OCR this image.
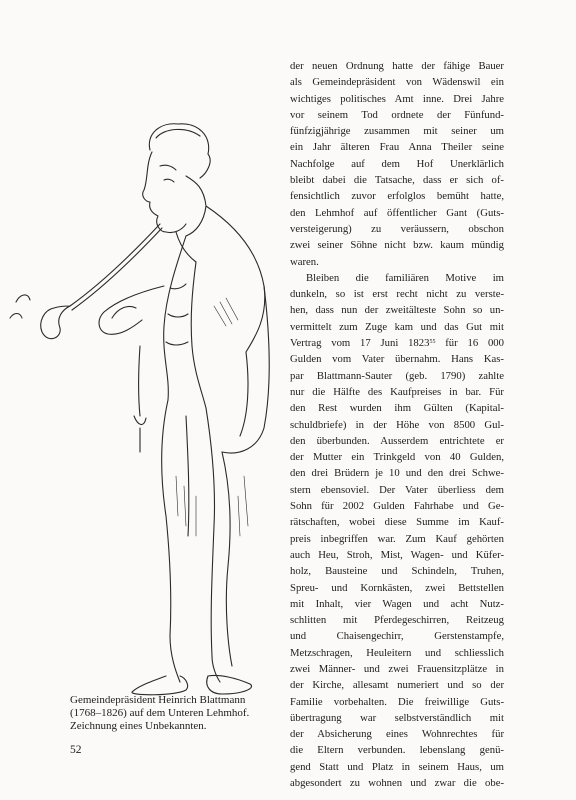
Gemeindepräsident Heinrich Blattmann
(1768–1826) auf dem Unteren Lehmhof.
Zeichnung eines Unbekannten.
52
der neuen Ordnung hatte der fähige Bauer
als Gemeindepräsident von Wädenswil ein
wichtiges politisches Amt inne. Drei Jahre
vor seinem Tod ordnete der Fünfund-
fünfzigjährige zusammen mit seiner um
ein Jahr älteren Frau Anna Theiler seine
Nachfolge auf dem Hof Unerklärlich
bleibt dabei die Tatsache, dass er sich of-
fensichtlich zuvor erfolglos bemüht hatte,
den Lehmhof auf öffentlicher Gant (Guts-
versteigerung) zu veräussern, obschon
zwei seiner Söhne nicht bzw. kaum mündig
waren.
Bleiben die familiären Motive im
dunkeln, so ist erst recht nicht zu verste-
hen, dass nun der zweitälteste Sohn so un-
vermittelt zum Zuge kam und das Gut mit
Vertrag vom 17 Juni 1823$^{55}$ für 16 000
Gulden vom Vater übernahm. Hans Kas-
par Blattmann-Sauter (geb. 1790) zahlte
nur die Hälfte des Kaufpreises in bar. Für
den Rest wurden ihm Gülten (Kapital-
schuldbriefe) in der Höhe von 8500 Gul-
den überbunden. Ausserdem entrichtete er
der Mutter ein Trinkgeld von 40 Gulden,
den drei Brüdern je 10 und den drei Schwe-
stern ebensoviel. Der Vater überliess dem
Sohn für 2002 Gulden Fahrhabe und Ge-
rätschaften, wobei diese Summe im Kauf-
preis inbegriffen war. Zum Kauf gehörten
auch Heu, Stroh, Mist, Wagen- und Küfer-
holz, Bausteine und Schindeln, Truhen,
Spreu- und Kornkästen, zwei Bettstellen
mit Inhalt, vier Wagen und acht Nutz-
schlitten mit Pferdegeschirren, Reitzeug
und Chaisengechirr, Gerstenstampfe,
Metzschragen, Heuleitern und schliesslich
zwei Männer- und zwei Frauensitzplätze in
der Kirche, allesamt numeriert und so der
Familie vorbehalten. Die freiwillige Guts-
übertragung war selbstverständlich mit
der Absicherung eines Wohnrechtes für
die Eltern verbunden. lebenslang genü-
gend Statt und Platz in seinem Haus, um
abgesondert zu wohnen und zwar die obe-
